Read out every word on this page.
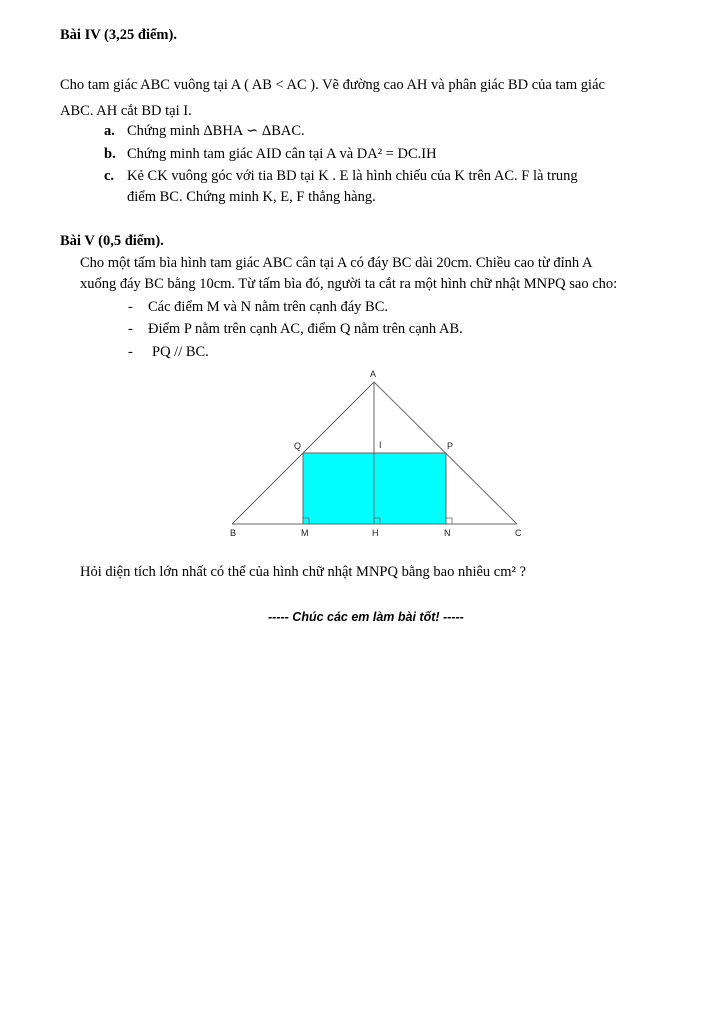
Bài IV (3,25 điểm).
Cho tam giác ABC vuông tại A ( AB < AC ). Vẽ đường cao AH và phân giác BD của tam giác
ABC. AH cắt BD tại I.
a. Chứng minh ΔBHA ∽ ΔBAC.
b. Chứng minh tam giác AID cân tại A và DA² = DC.IH
c. Kẻ CK vuông góc với tia BD tại K . E là hình chiếu của K trên AC. F là trung
điểm BC. Chứng minh K, E, F thẳng hàng.
Bài V (0,5 điểm).
Cho một tấm bìa hình tam giác ABC cân tại A có đáy BC dài 20cm. Chiều cao từ đỉnh A
xuống đáy BC bằng 10cm. Từ tấm bìa đó, người ta cắt ra một hình chữ nhật MNPQ sao cho:
- Các điểm M và N nằm trên cạnh đáy BC.
- Điểm P nằm trên cạnh AC, điểm Q nằm trên cạnh AB.
- PQ // BC.
A
Q	I	P
B	M	H	N	C
Hỏi diện tích lớn nhất có thể của hình chữ nhật MNPQ bằng bao nhiêu cm² ?
----- Chúc các em làm bài tốt! -----
